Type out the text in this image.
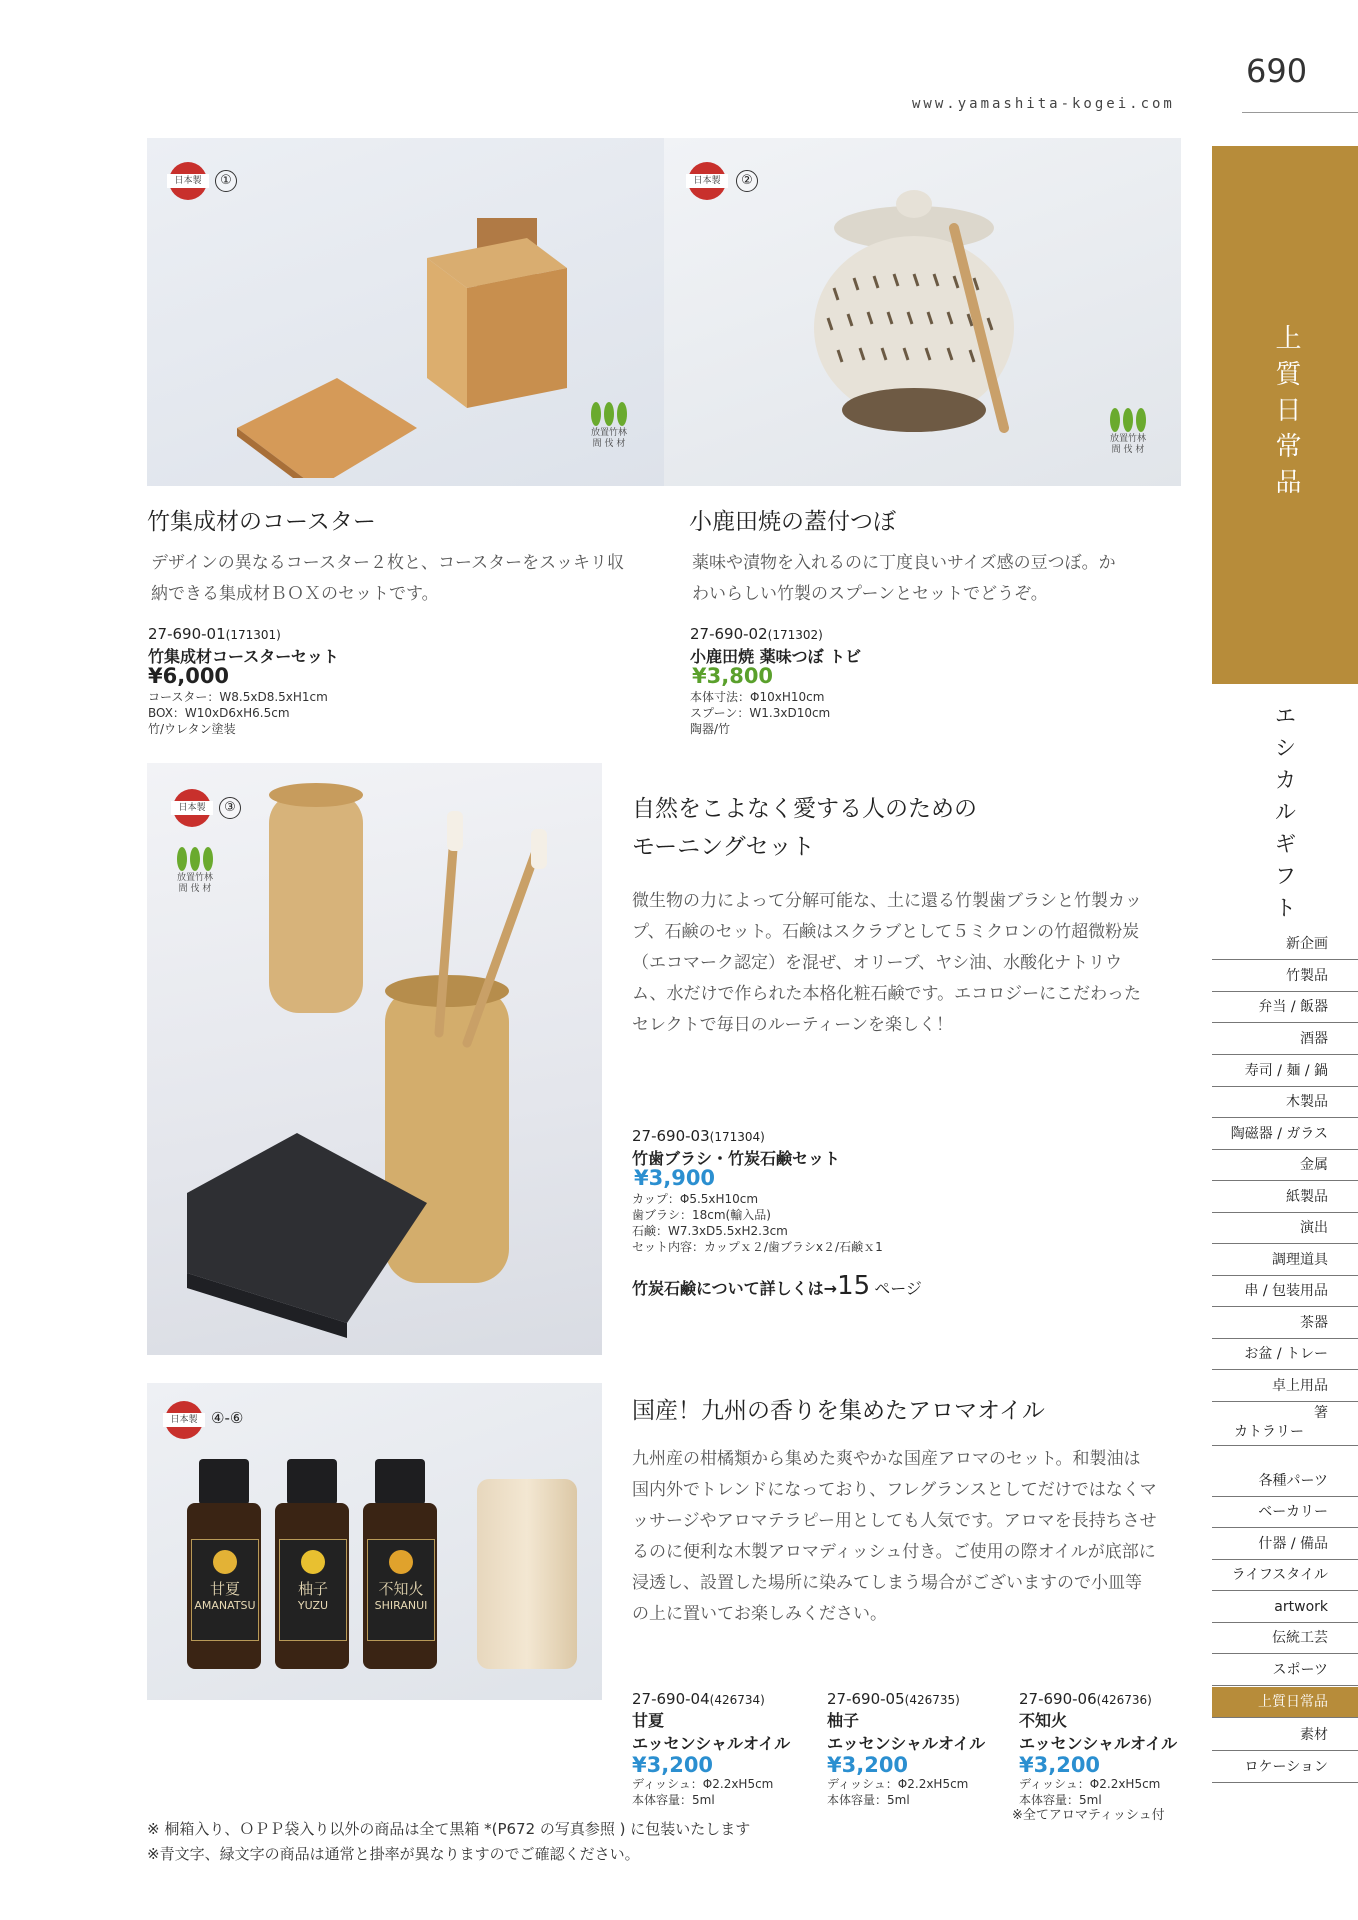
690
www.yamashita-kogei.com
日本製	①
放置竹林
間 伐 材
日本製	②
放置竹林
間 伐 材
竹集成材のコースター
デザインの異なるコースター２枚と、コースターをスッキリ収納できる集成材ＢＯＸのセットです。
27-690-01(171301)
竹集成材コースターセット
¥6,000
コースター：W8.5xD8.5xH1cm
BOX：W10xD6xH6.5cm
竹/ウレタン塗装
小鹿田焼の蓋付つぼ
薬味や漬物を入れるのに丁度良いサイズ感の豆つぼ。かわいらしい竹製のスプーンとセットでどうぞ。
27-690-02(171302)
小鹿田焼 薬味つぼ トビ
¥3,800
本体寸法：Φ10xH10cm
スプーン：W1.3xD10cm
陶器/竹
日本製	③
放置竹林
間 伐 材
自然をこよなく愛する人のための
モーニングセット
微生物の力によって分解可能な、土に還る竹製歯ブラシと竹製カップ、石鹸のセット。石鹸はスクラブとして５ミクロンの竹超微粉炭（エコマーク認定）を混ぜ、オリーブ、ヤシ油、水酸化ナトリウム、水だけで作られた本格化粧石鹸です。エコロジーにこだわったセレクトで毎日のルーティーンを楽しく！
27-690-03(171304)
竹歯ブラシ・竹炭石鹸セット
¥3,900
カップ：Φ5.5xH10cm
歯ブラシ：18cm(輸入品)
石鹸：W7.3xD5.5xH2.3cm
セット内容：カップｘ２/歯ブラシx２/石鹸ｘ1
竹炭石鹸について詳しくは→15 ページ
日本製 ④-⑥
甘夏
AMANATSU
柚子
YUZU
不知火
SHIRANUI
国産！九州の香りを集めたアロマオイル
九州産の柑橘類から集めた爽やかな国産アロマのセット。和製油は国内外でトレンドになっており、フレグランスとしてだけではなくマッサージやアロマテラピー用としても人気です。アロマを長持ちさせるのに便利な木製アロマディッシュ付き。ご使用の際オイルが底部に浸透し、設置した場所に染みてしまう場合がございますので小皿等の上に置いてお楽しみください。
27-690-04(426734)
甘夏
エッセンシャルオイル
¥3,200
ディッシュ：Φ2.2xH5cm
本体容量：5ml
27-690-05(426735)
柚子
エッセンシャルオイル
¥3,200
ディッシュ：Φ2.2xH5cm
本体容量：5ml
27-690-06(426736)
不知火
エッセンシャルオイル
¥3,200
ディッシュ：Φ2.2xH5cm
本体容量：5ml
※全てアロマティッシュ付
※ 桐箱入り、ＯＰＰ袋入り以外の商品は全て黒箱 *(P672 の写真参照 ) に包装いたします
※青文字、緑文字の商品は通常と掛率が異なりますのでご確認ください。
上質日常品
エシカルギフト
新企画
竹製品
弁当 / 飯器
酒器
寿司 / 麺 / 鍋
木製品
陶磁器 / ガラス
金属
紙製品
演出
調理道具
串 / 包装用品
茶器
お盆 / トレー
卓上用品
箸
カトラリー
各種パーツ
ベーカリー
什器 / 備品
ライフスタイル
artwork
伝統工芸
スポーツ
上質日常品
素材
ロケーション
